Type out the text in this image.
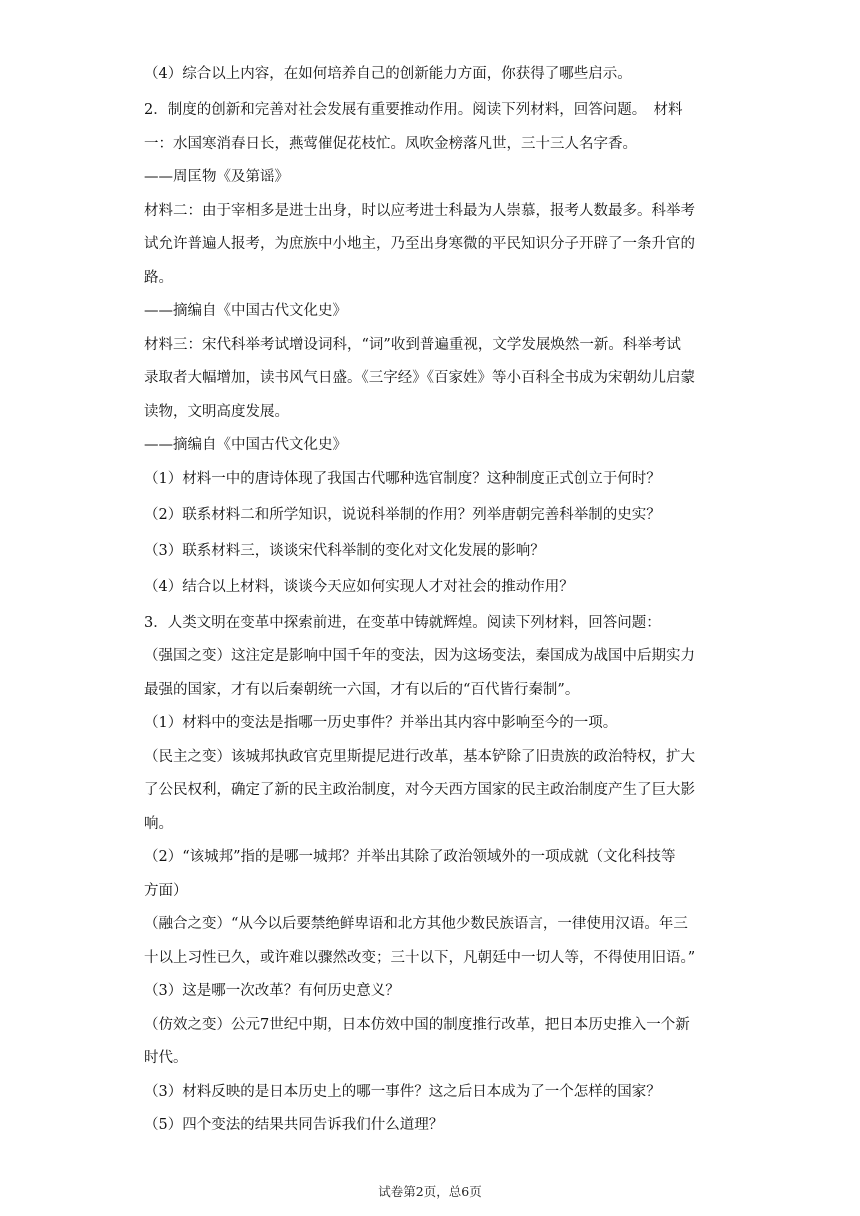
（4）综合以上内容，在如何培养自己的创新能力方面，你获得了哪些启示。

2．制度的创新和完善对社会发展有重要推动作用。阅读下列材料，回答问题。　材料

一：水国寒消春日长，燕莺催促花枝忙。凤吹金榜落凡世，三十三人名字香。

——周匡物《及第谣》

材料二：由于宰相多是进士出身，时以应考进士科最为人崇慕，报考人数最多。科举考

试允许普遍人报考，为庶族中小地主，乃至出身寒微的平民知识分子开辟了一条升官的

路。

——摘编自《中国古代文化史》

材料三：宋代科举考试增设词科，“词”收到普遍重视，文学发展焕然一新。科举考试

录取者大幅增加，读书风气日盛。《三字经》《百家姓》等小百科全书成为宋朝幼儿启蒙

读物，文明高度发展。

——摘编自《中国古代文化史》

（1）材料一中的唐诗体现了我国古代哪种选官制度？这种制度正式创立于何时？

（2）联系材料二和所学知识，说说科举制的作用？列举唐朝完善科举制的史实？

（3）联系材料三，谈谈宋代科举制的变化对文化发展的影响？

（4）结合以上材料，谈谈今天应如何实现人才对社会的推动作用？

3．人类文明在变革中探索前进，在变革中铸就辉煌。阅读下列材料，回答问题：

（强国之变）这注定是影响中国千年的变法，因为这场变法，秦国成为战国中后期实力

最强的国家，才有以后秦朝统一六国，才有以后的“百代皆行秦制”。

（1）材料中的变法是指哪一历史事件？并举出其内容中影响至今的一项。

（民主之变）该城邦执政官克里斯提尼进行改革，基本铲除了旧贵族的政治特权，扩大

了公民权利，确定了新的民主政治制度，对今天西方国家的民主政治制度产生了巨大影

响。

（2）“该城邦”指的是哪一城邦？并举出其除了政治领域外的一项成就（文化科技等

方面）

（融合之变）“从今以后要禁绝鲜卑语和北方其他少数民族语言，一律使用汉语。年三

十以上习性已久，或许难以骤然改变；三十以下，凡朝廷中一切人等，不得使用旧语。”

（3）这是哪一次改革？有何历史意义？

（仿效之变）公元7世纪中期，日本仿效中国的制度推行改革，把日本历史推入一个新

时代。

（3）材料反映的是日本历史上的哪一事件？这之后日本成为了一个怎样的国家？

（5）四个变法的结果共同告诉我们什么道理？

试卷第2页，总6页
